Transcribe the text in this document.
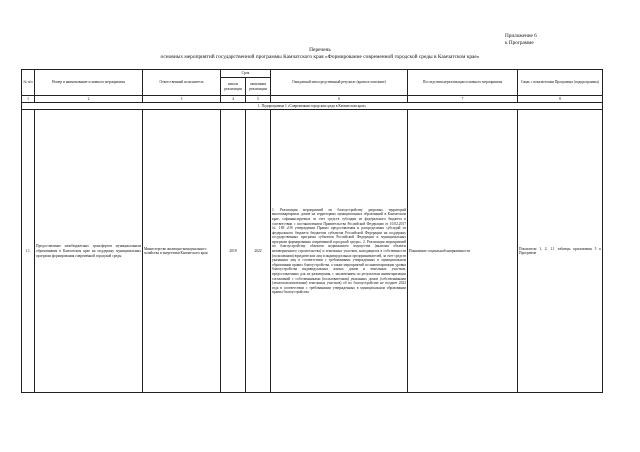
Приложение 6
к Программе
Перечень
основных мероприятий государственной программы Камчатского края «Формирование современной городской среды в Камчатском крае»
№ п/п	Номер и наименование основного мероприятия	Ответственный исполнитель	Срок		Ожидаемый непосредственный результат (краткое описание)	Последствия нереализации основного мероприятия	Связь с показателями Программы (подпрограммы)
			начала реализации	окончания реализации			
1	2	3	4	5	6	7	8
1. Подпрограмма 1 «Современная городская среда в Камчатском крае»							
1.1.	Предоставление межбюджетных трансфертов муниципальным образованиям в Камчатском крае на поддержку муниципальных программ формирования современной городской среды	Министерство жилищно-коммунального хозяйства и энергетики Камчатского края	2018	2022	1. Реализация мероприятий по благоустройству дворовых территорий многоквартирных домов на территориях муниципальных образований в Камчатском крае, софинансируемых за счет средств субсидии из федерального бюджета в соответствии с постановлением Правительства Российской Федерации от 10.02.2017 № 169 «Об утверждении Правил предоставления и распределения субсидий из федерального бюджета бюджетам субъектов Российской Федерации на поддержку государственных программ субъектов Российской Федерации и муниципальных программ формирования современной городской среды». 2. Реализация мероприятий по благоустройству объектов недвижимого имущества (включая объекты незавершенного строительства) и земельных участков, находящихся в собственности (пользовании) юридических лиц и индивидуальных предпринимателей, за счет средств указанных лиц в соответствии с требованиями утвержденных в муниципальном образовании правил благоустройства, а также мероприятий по инвентаризации уровня благоустройства индивидуальных жилых домов и земельных участков, предоставленных для их размещения, с заключением по результатам инвентаризации соглашений с собственниками (пользователями) указанных домов (собственниками (землепользователями) земельных участков) об их благоустройстве не позднее 2022 года в соответствии с требованиями утвержденных в муниципальном образовании правил благоустройства.	Понижение социальной напряженности	Показатели 1, 2, 1.1 таблицы приложения 5 к Программе
